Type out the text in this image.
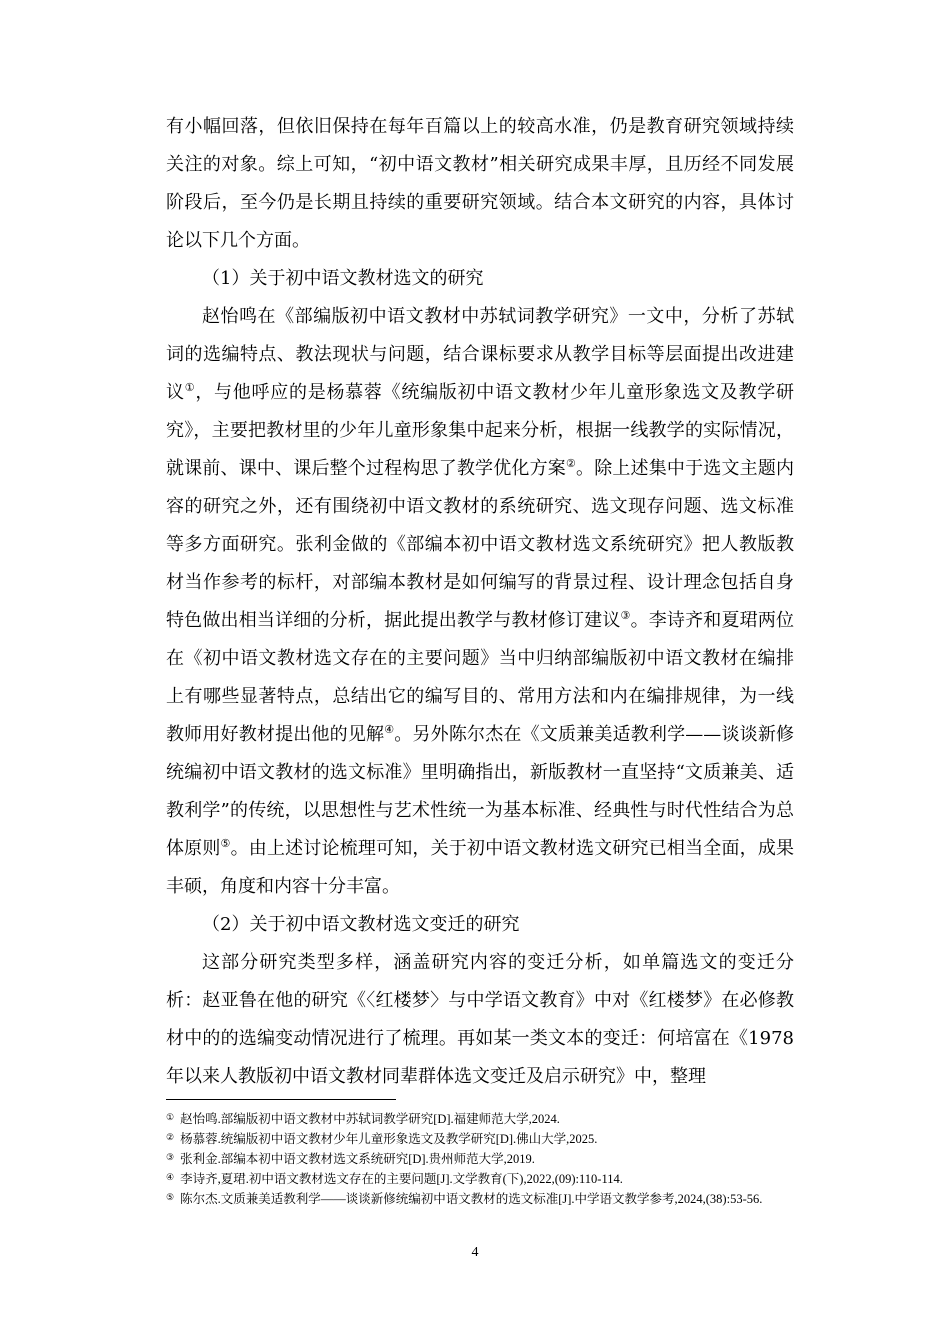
有小幅回落，但依旧保持在每年百篇以上的较高水准，仍是教育研究领域持续关注的对象。综上可知，“初中语文教材”相关研究成果丰厚，且历经不同发展阶段后，至今仍是长期且持续的重要研究领域。结合本文研究的内容，具体讨论以下几个方面。

（1）关于初中语文教材选文的研究

赵怡鸣在《部编版初中语文教材中苏轼词教学研究》一文中，分析了苏轼词的选编特点、教法现状与问题，结合课标要求从教学目标等层面提出改进建议①，与他呼应的是杨慕蓉《统编版初中语文教材少年儿童形象选文及教学研究》，主要把教材里的少年儿童形象集中起来分析，根据一线教学的实际情况，就课前、课中、课后整个过程构思了教学优化方案②。除上述集中于选文主题内容的研究之外，还有围绕初中语文教材的系统研究、选文现存问题、选文标准等多方面研究。张利金做的《部编本初中语文教材选文系统研究》把人教版教材当作参考的标杆，对部编本教材是如何编写的背景过程、设计理念包括自身特色做出相当详细的分析，据此提出教学与教材修订建议③。李诗齐和夏珺两位在《初中语文教材选文存在的主要问题》当中归纳部编版初中语文教材在编排上有哪些显著特点，总结出它的编写目的、常用方法和内在编排规律，为一线教师用好教材提出他的见解④。另外陈尔杰在《文质兼美适教利学——谈谈新修统编初中语文教材的选文标准》里明确指出，新版教材一直坚持“文质兼美、适教利学”的传统，以思想性与艺术性统一为基本标准、经典性与时代性结合为总体原则⑤。由上述讨论梳理可知，关于初中语文教材选文研究已相当全面，成果丰硕，角度和内容十分丰富。

（2）关于初中语文教材选文变迁的研究

这部分研究类型多样，涵盖研究内容的变迁分析，如单篇选文的变迁分析：赵亚鲁在他的研究《〈红楼梦〉与中学语文教育》中对《红楼梦》在必修教材中的的选编变动情况进行了梳理。再如某一类文本的变迁：何培富在《1978 年以来人教版初中语文教材同辈群体选文变迁及启示研究》中，整理

① 赵怡鸣.部编版初中语文教材中苏轼词教学研究[D].福建师范大学,2024.

② 杨慕蓉.统编版初中语文教材少年儿童形象选文及教学研究[D].佛山大学,2025.

③ 张利金.部编本初中语文教材选文系统研究[D].贵州师范大学,2019.

④ 李诗齐,夏珺.初中语文教材选文存在的主要问题[J].文学教育(下),2022,(09):110-114.

⑤ 陈尔杰.文质兼美适教利学——谈谈新修统编初中语文教材的选文标准[J].中学语文教学参考,2024,(38):53-56.

4
